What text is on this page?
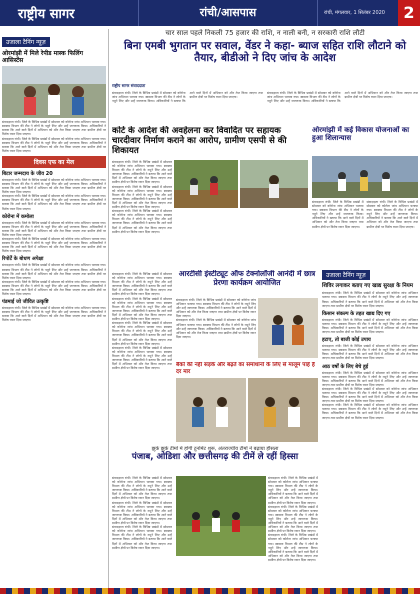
राष्ट्रीय सागर	रांची/आसपास	रांची, मंगलवार, 1 सितंबर 2020	2
उजाला टैनिंग न्यूज़
ओरमांझी में मिले रेपीड मास्क फिलिंग आसिस्टेंस
संवाददाता रांची। जिले के विभिन्न प्रखंडों में सोमवार को कोरोना जांच अभियान चलाया गया। स्वास्थ्य विभाग की टीम ने लोगों के नमूने लिए और उन्हें जागरूक किया। अधिकारियों ने बताया कि आने वाले दिनों में अभियान को और तेज किया जाएगा तथा ग्रामीण क्षेत्रों पर विशेष ध्यान दिया जाएगा।
संवाददाता रांची। जिले के विभिन्न प्रखंडों में सोमवार को कोरोना जांच अभियान चलाया गया। स्वास्थ्य विभाग की टीम ने लोगों के नमूने लिए और उन्हें जागरूक किया। अधिकारियों ने बताया कि आने वाले दिनों में अभियान को और तेज किया जाएगा तथा ग्रामीण क्षेत्रों पर विशेष ध्यान दिया जाएगा।
दिवस एफ का मेल
बिटार जन्मदाय के जीव 20
संवाददाता रांची। जिले के विभिन्न प्रखंडों में सोमवार को कोरोना जांच अभियान चलाया गया। स्वास्थ्य विभाग की टीम ने लोगों के नमूने लिए और उन्हें जागरूक किया। अधिकारियों ने बताया कि आने वाले दिनों में अभियान को और तेज किया जाएगा तथा ग्रामीण क्षेत्रों पर विशेष ध्यान दिया जाएगा।
संवाददाता रांची। जिले के विभिन्न प्रखंडों में सोमवार को कोरोना जांच अभियान चलाया गया। स्वास्थ्य विभाग की टीम ने लोगों के नमूने लिए और उन्हें जागरूक किया। अधिकारियों ने बताया कि आने वाले दिनों में अभियान को और तेज किया जाएगा तथा ग्रामीण क्षेत्रों पर विशेष ध्यान दिया जाएगा।
कोरोना में कमोला
संवाददाता रांची। जिले के विभिन्न प्रखंडों में सोमवार को कोरोना जांच अभियान चलाया गया। स्वास्थ्य विभाग की टीम ने लोगों के नमूने लिए और उन्हें जागरूक किया। अधिकारियों ने बताया कि आने वाले दिनों में अभियान को और तेज किया जाएगा तथा ग्रामीण क्षेत्रों पर विशेष ध्यान दिया जाएगा।
संवाददाता रांची। जिले के विभिन्न प्रखंडों में सोमवार को कोरोना जांच अभियान चलाया गया। स्वास्थ्य विभाग की टीम ने लोगों के नमूने लिए और उन्हें जागरूक किया। अधिकारियों ने बताया कि आने वाले दिनों में अभियान को और तेज किया जाएगा तथा ग्रामीण क्षेत्रों पर विशेष ध्यान दिया जाएगा।
रिपोर्टें के बोधण अपेक्षा
संवाददाता रांची। जिले के विभिन्न प्रखंडों में सोमवार को कोरोना जांच अभियान चलाया गया। स्वास्थ्य विभाग की टीम ने लोगों के नमूने लिए और उन्हें जागरूक किया। अधिकारियों ने बताया कि आने वाले दिनों में अभियान को और तेज किया जाएगा तथा ग्रामीण क्षेत्रों पर विशेष ध्यान दिया जाएगा।
संवाददाता रांची। जिले के विभिन्न प्रखंडों में सोमवार को कोरोना जांच अभियान चलाया गया। स्वास्थ्य विभाग की टीम ने लोगों के नमूने लिए और उन्हें जागरूक किया। अधिकारियों ने बताया कि आने वाले दिनों में अभियान को और तेज किया जाएगा तथा ग्रामीण क्षेत्रों पर विशेष ध्यान दिया जाएगा।
पंडमाई जो जीवित उत्कृष्टि
संवाददाता रांची। जिले के विभिन्न प्रखंडों में सोमवार को कोरोना जांच अभियान चलाया गया। स्वास्थ्य विभाग की टीम ने लोगों के नमूने लिए और उन्हें जागरूक किया। अधिकारियों ने बताया कि आने वाले दिनों में अभियान को और तेज किया जाएगा तथा ग्रामीण क्षेत्रों पर विशेष ध्यान दिया जाएगा।
चार साल पहले निकली 75 हजार की राशि, न नाली बनी, न सरकारी राशि लौटी
बिना एमबी भुगतान पर सवाल, वेंडर ने कहा- ब्याज सहित राशि लौटाने को तैयार, बीडीओ ने दिए जांच के आदेश
राष्ट्रीय सागर संवाददाता
संवाददाता रांची। जिले के विभिन्न प्रखंडों में सोमवार को कोरोना जांच अभियान चलाया गया। स्वास्थ्य विभाग की टीम ने लोगों के नमूने लिए और उन्हें जागरूक किया। अधिकारियों ने बताया कि आने वाले दिनों में अभियान को और तेज किया जाएगा तथा ग्रामीण क्षेत्रों पर विशेष ध्यान दिया जाएगा।
संवाददाता रांची। जिले के विभिन्न प्रखंडों में सोमवार को कोरोना जांच अभियान चलाया गया। स्वास्थ्य विभाग की टीम ने लोगों के नमूने लिए और उन्हें जागरूक किया। अधिकारियों ने बताया कि आने वाले दिनों में अभियान को और तेज किया जाएगा तथा ग्रामीण क्षेत्रों पर विशेष ध्यान दिया जाएगा।
कोर्ट के आदेश की अवहेलना कर विवादित पर सहायक चारदीवार निर्माण कराने का आरोप, ग्रामीण एसपी से की शिकायत
संवाददाता रांची। जिले के विभिन्न प्रखंडों में सोमवार को कोरोना जांच अभियान चलाया गया। स्वास्थ्य विभाग की टीम ने लोगों के नमूने लिए और उन्हें जागरूक किया। अधिकारियों ने बताया कि आने वाले दिनों में अभियान को और तेज किया जाएगा तथा ग्रामीण क्षेत्रों पर विशेष ध्यान दिया जाएगा।
संवाददाता रांची। जिले के विभिन्न प्रखंडों में सोमवार को कोरोना जांच अभियान चलाया गया। स्वास्थ्य विभाग की टीम ने लोगों के नमूने लिए और उन्हें जागरूक किया। अधिकारियों ने बताया कि आने वाले दिनों में अभियान को और तेज किया जाएगा तथा ग्रामीण क्षेत्रों पर विशेष ध्यान दिया जाएगा।
संवाददाता रांची। जिले के विभिन्न प्रखंडों में सोमवार को कोरोना जांच अभियान चलाया गया। स्वास्थ्य विभाग की टीम ने लोगों के नमूने लिए और उन्हें जागरूक किया। अधिकारियों ने बताया कि आने वाले दिनों में अभियान को और तेज किया जाएगा तथा ग्रामीण क्षेत्रों पर विशेष ध्यान दिया जाएगा।
ओरमांझी में कई विकास योजनाओं का हुआ शिलान्यास
संवाददाता रांची। जिले के विभिन्न प्रखंडों में सोमवार को कोरोना जांच अभियान चलाया गया। स्वास्थ्य विभाग की टीम ने लोगों के नमूने लिए और उन्हें जागरूक किया। अधिकारियों ने बताया कि आने वाले दिनों में अभियान को और तेज किया जाएगा तथा ग्रामीण क्षेत्रों पर विशेष ध्यान दिया जाएगा।
संवाददाता रांची। जिले के विभिन्न प्रखंडों में सोमवार को कोरोना जांच अभियान चलाया गया। स्वास्थ्य विभाग की टीम ने लोगों के नमूने लिए और उन्हें जागरूक किया। अधिकारियों ने बताया कि आने वाले दिनों में अभियान को और तेज किया जाएगा तथा ग्रामीण क्षेत्रों पर विशेष ध्यान दिया जाएगा।
आरटीसी इंस्टीट्यूट ऑफ टेक्नोलॉजी आनंदी में छात्र प्रेरणा कार्यक्रम आयोजित
संवाददाता रांची। जिले के विभिन्न प्रखंडों में सोमवार को कोरोना जांच अभियान चलाया गया। स्वास्थ्य विभाग की टीम ने लोगों के नमूने लिए और उन्हें जागरूक किया। अधिकारियों ने बताया कि आने वाले दिनों में अभियान को और तेज किया जाएगा तथा ग्रामीण क्षेत्रों पर विशेष ध्यान दिया जाएगा।
संवाददाता रांची। जिले के विभिन्न प्रखंडों में सोमवार को कोरोना जांच अभियान चलाया गया। स्वास्थ्य विभाग की टीम ने लोगों के नमूने लिए और उन्हें जागरूक किया। अधिकारियों ने बताया कि आने वाले दिनों में अभियान को और तेज किया जाएगा तथा ग्रामीण क्षेत्रों पर विशेष ध्यान दिया जाएगा।
संवाददाता रांची। जिले के विभिन्न प्रखंडों में सोमवार को कोरोना जांच अभियान चलाया गया। स्वास्थ्य विभाग की टीम ने लोगों के नमूने लिए और उन्हें जागरूक किया। अधिकारियों ने बताया कि आने वाले दिनों में अभियान को और तेज किया जाएगा तथा ग्रामीण क्षेत्रों पर विशेष ध्यान दिया जाएगा।
संवाददाता रांची। जिले के विभिन्न प्रखंडों में सोमवार को कोरोना जांच अभियान चलाया गया। स्वास्थ्य विभाग की टीम ने लोगों के नमूने लिए और उन्हें जागरूक किया। अधिकारियों ने बताया कि आने वाले दिनों में अभियान को और तेज किया जाएगा तथा ग्रामीण क्षेत्रों पर विशेष ध्यान दिया जाएगा।
संवाददाता रांची। जिले के विभिन्न प्रखंडों में सोमवार को कोरोना जांच अभियान चलाया गया। स्वास्थ्य विभाग की टीम ने लोगों के नमूने लिए और उन्हें जागरूक किया। अधिकारियों ने बताया कि आने वाले दिनों में अभियान को और तेज किया जाएगा तथा ग्रामीण क्षेत्रों पर विशेष ध्यान दिया जाएगा।
संवाददाता रांची। जिले के विभिन्न प्रखंडों में सोमवार को कोरोना जांच अभियान चलाया गया। स्वास्थ्य विभाग की टीम ने लोगों के नमूने लिए और उन्हें जागरूक किया। अधिकारियों ने बताया कि आने वाले दिनों में अभियान को और तेज किया जाएगा तथा ग्रामीण क्षेत्रों पर विशेष ध्यान दिया जाएगा।
उजाला टैनिंग न्यूज़
शिविर लगाकर बताए गए खाद्य सुरक्षा के नियम
संवाददाता रांची। जिले के विभिन्न प्रखंडों में सोमवार को कोरोना जांच अभियान चलाया गया। स्वास्थ्य विभाग की टीम ने लोगों के नमूने लिए और उन्हें जागरूक किया। अधिकारियों ने बताया कि आने वाले दिनों में अभियान को और तेज किया जाएगा तथा ग्रामीण क्षेत्रों पर विशेष ध्यान दिया जाएगा।
किसान संकल्प के तहत खाद्य दिए गए
संवाददाता रांची। जिले के विभिन्न प्रखंडों में सोमवार को कोरोना जांच अभियान चलाया गया। स्वास्थ्य विभाग की टीम ने लोगों के नमूने लिए और उन्हें जागरूक किया। अधिकारियों ने बताया कि आने वाले दिनों में अभियान को और तेज किया जाएगा तथा ग्रामीण क्षेत्रों पर विशेष ध्यान दिया जाएगा।
हटाए, तो बाजी कोई उपाय
संवाददाता रांची। जिले के विभिन्न प्रखंडों में सोमवार को कोरोना जांच अभियान चलाया गया। स्वास्थ्य विभाग की टीम ने लोगों के नमूने लिए और उन्हें जागरूक किया। अधिकारियों ने बताया कि आने वाले दिनों में अभियान को और तेज किया जाएगा तथा ग्रामीण क्षेत्रों पर विशेष ध्यान दिया जाएगा।
आठ वर्षों के लिए बेचे हुई
संवाददाता रांची। जिले के विभिन्न प्रखंडों में सोमवार को कोरोना जांच अभियान चलाया गया। स्वास्थ्य विभाग की टीम ने लोगों के नमूने लिए और उन्हें जागरूक किया। अधिकारियों ने बताया कि आने वाले दिनों में अभियान को और तेज किया जाएगा तथा ग्रामीण क्षेत्रों पर विशेष ध्यान दिया जाएगा।
संवाददाता रांची। जिले के विभिन्न प्रखंडों में सोमवार को कोरोना जांच अभियान चलाया गया। स्वास्थ्य विभाग की टीम ने लोगों के नमूने लिए और उन्हें जागरूक किया। अधिकारियों ने बताया कि आने वाले दिनों में अभियान को और तेज किया जाएगा तथा ग्रामीण क्षेत्रों पर विशेष ध्यान दिया जाएगा।
संवाददाता रांची। जिले के विभिन्न प्रखंडों में सोमवार को कोरोना जांच अभियान चलाया गया। स्वास्थ्य विभाग की टीम ने लोगों के नमूने लिए और उन्हें जागरूक किया। अधिकारियों ने बताया कि आने वाले दिनों में अभियान को और तेज किया जाएगा तथा ग्रामीण क्षेत्रों पर विशेष ध्यान दिया जाएगा।
बैंकों की नहीं सड़कें और बढ़ते का समाधानों के लिए से मालूम पाहे है दर मार
झुके झुके टीमों में होंगी टूर्नामेंट शुरू, अंतराज्यीय टीमों ने बढ़ाया हौसला
पंजाब, ओडिशा और छत्तीसगढ़ की टीमें ले रहीं हिस्सा
संवाददाता रांची। जिले के विभिन्न प्रखंडों में सोमवार को कोरोना जांच अभियान चलाया गया। स्वास्थ्य विभाग की टीम ने लोगों के नमूने लिए और उन्हें जागरूक किया। अधिकारियों ने बताया कि आने वाले दिनों में अभियान को और तेज किया जाएगा तथा ग्रामीण क्षेत्रों पर विशेष ध्यान दिया जाएगा।
संवाददाता रांची। जिले के विभिन्न प्रखंडों में सोमवार को कोरोना जांच अभियान चलाया गया। स्वास्थ्य विभाग की टीम ने लोगों के नमूने लिए और उन्हें जागरूक किया। अधिकारियों ने बताया कि आने वाले दिनों में अभियान को और तेज किया जाएगा तथा ग्रामीण क्षेत्रों पर विशेष ध्यान दिया जाएगा।
संवाददाता रांची। जिले के विभिन्न प्रखंडों में सोमवार को कोरोना जांच अभियान चलाया गया। स्वास्थ्य विभाग की टीम ने लोगों के नमूने लिए और उन्हें जागरूक किया। अधिकारियों ने बताया कि आने वाले दिनों में अभियान को और तेज किया जाएगा तथा ग्रामीण क्षेत्रों पर विशेष ध्यान दिया जाएगा।
संवाददाता रांची। जिले के विभिन्न प्रखंडों में सोमवार को कोरोना जांच अभियान चलाया गया। स्वास्थ्य विभाग की टीम ने लोगों के नमूने लिए और उन्हें जागरूक किया। अधिकारियों ने बताया कि आने वाले दिनों में अभियान को और तेज किया जाएगा तथा ग्रामीण क्षेत्रों पर विशेष ध्यान दिया जाएगा।
संवाददाता रांची। जिले के विभिन्न प्रखंडों में सोमवार को कोरोना जांच अभियान चलाया गया। स्वास्थ्य विभाग की टीम ने लोगों के नमूने लिए और उन्हें जागरूक किया। अधिकारियों ने बताया कि आने वाले दिनों में अभियान को और तेज किया जाएगा तथा ग्रामीण क्षेत्रों पर विशेष ध्यान दिया जाएगा।
संवाददाता रांची। जिले के विभिन्न प्रखंडों में सोमवार को कोरोना जांच अभियान चलाया गया। स्वास्थ्य विभाग की टीम ने लोगों के नमूने लिए और उन्हें जागरूक किया। अधिकारियों ने बताया कि आने वाले दिनों में अभियान को और तेज किया जाएगा तथा ग्रामीण क्षेत्रों पर विशेष ध्यान दिया जाएगा।
